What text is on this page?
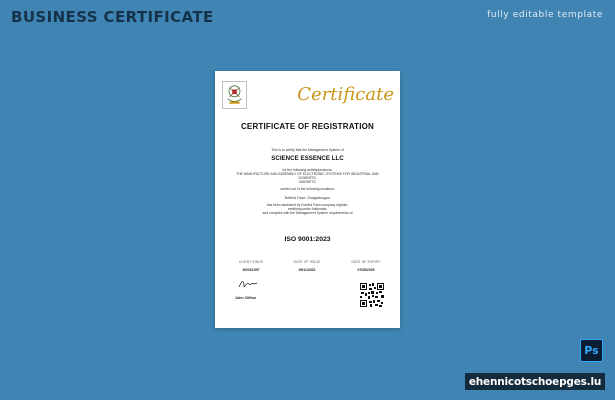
BUSINESS CERTIFICATE	fully editable template
Certificate
CERTIFICATE OF REGISTRATION
This is to certify that the Management System of
SCIENCE ESSENCE LLC
for the following activity/products:
THE MANUFACTURE AND ASSEMBLY OF ELECTRONIC SYSTEMS FOR INDUSTRIAL AND
DOMESTIC
MARKETS
carried out in the following locations:
Bettind Fase, Ouagadougou
has been assessed by Eureka Faso company register,
certifying under Nationals,
and complies with the Management System requirements of
ISO 9001:2023
CLIENT SINCE
30/03/1997
DATE OF ISSUE
09/11/2022
DATE OF EXPIRY
07/08/2025
John Clifton
Ps
ehennicotschoepges.lu
